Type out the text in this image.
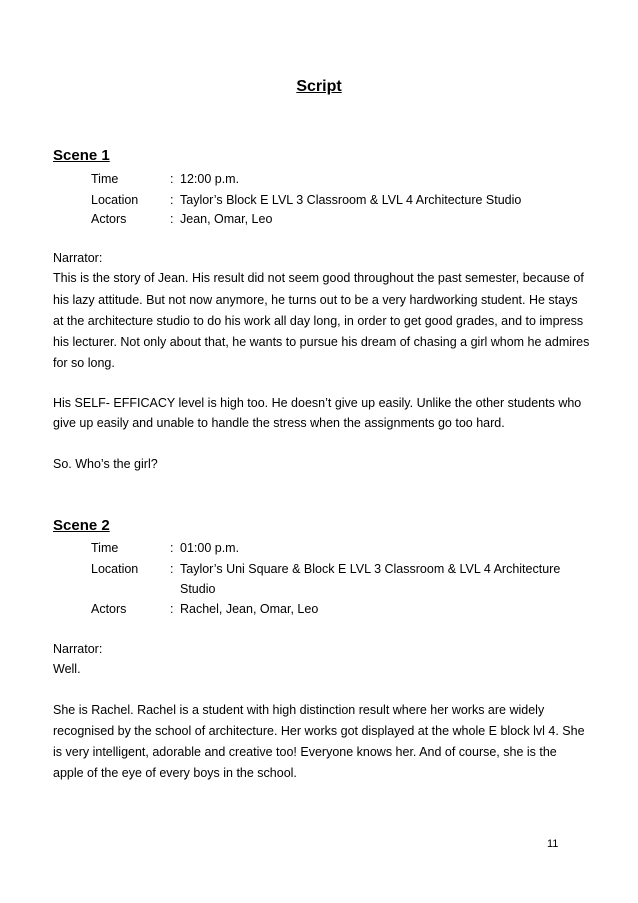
Script
Scene 1
Time	: 12:00 p.m.
Location	: Taylor’s Block E LVL 3 Classroom & LVL 4 Architecture Studio
Actors	: Jean, Omar, Leo
Narrator:
This is the story of Jean. His result did not seem good throughout the past semester, because of
his lazy attitude. But not now anymore, he turns out to be a very hardworking student. He stays
at the architecture studio to do his work all day long, in order to get good grades, and to impress
his lecturer. Not only about that, he wants to pursue his dream of chasing a girl whom he admires
for so long.
His SELF- EFFICACY level is high too. He doesn’t give up easily. Unlike the other students who
give up easily and unable to handle the stress when the assignments go too hard.
So. Who’s the girl?
Scene 2
Time	: 01:00 p.m.
Location	: Taylor’s Uni Square & Block E LVL 3 Classroom & LVL 4 Architecture
Studio
Actors	: Rachel, Jean, Omar, Leo
Narrator:
Well.
She is Rachel. Rachel is a student with high distinction result where her works are widely
recognised by the school of architecture. Her works got displayed at the whole E block lvl 4. She
is very intelligent, adorable and creative too! Everyone knows her. And of course, she is the
apple of the eye of every boys in the school.
11
